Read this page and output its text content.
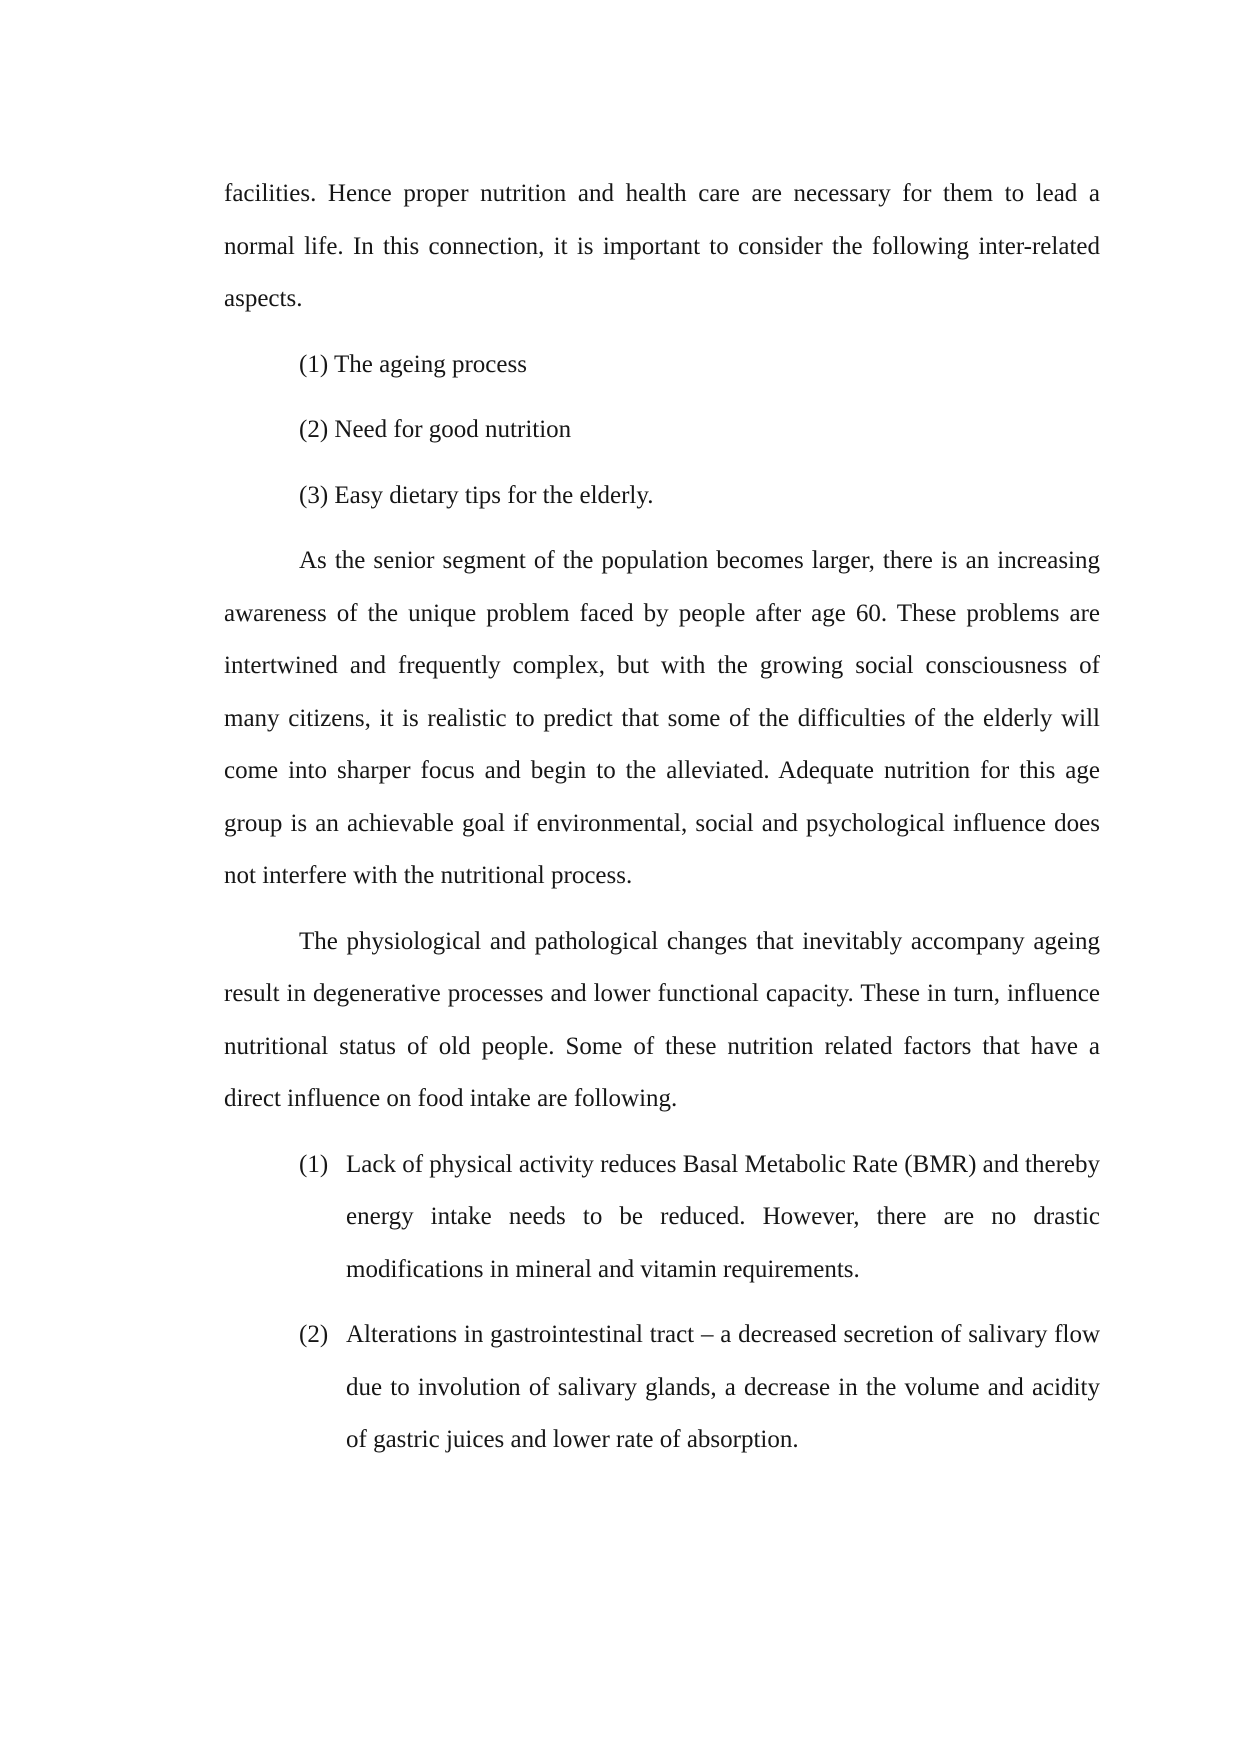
facilities. Hence proper nutrition and health care are necessary for them to lead a normal life. In this connection, it is important to consider the following inter-related aspects.

(1) The ageing process
(2) Need for good nutrition
(3) Easy dietary tips for the elderly.

As the senior segment of the population becomes larger, there is an increasing awareness of the unique problem faced by people after age 60. These problems are intertwined and frequently complex, but with the growing social consciousness of many citizens, it is realistic to predict that some of the difficulties of the elderly will come into sharper focus and begin to the alleviated. Adequate nutrition for this age group is an achievable goal if environmental, social and psychological influence does not interfere with the nutritional process.

The physiological and pathological changes that inevitably accompany ageing result in degenerative processes and lower functional capacity. These in turn, influence nutritional status of old people. Some of these nutrition related factors that have a direct influence on food intake are following.

(1) Lack of physical activity reduces Basal Metabolic Rate (BMR) and thereby energy intake needs to be reduced. However, there are no drastic modifications in mineral and vitamin requirements.
(2) Alterations in gastrointestinal tract – a decreased secretion of salivary flow due to involution of salivary glands, a decrease in the volume and acidity of gastric juices and lower rate of absorption.
